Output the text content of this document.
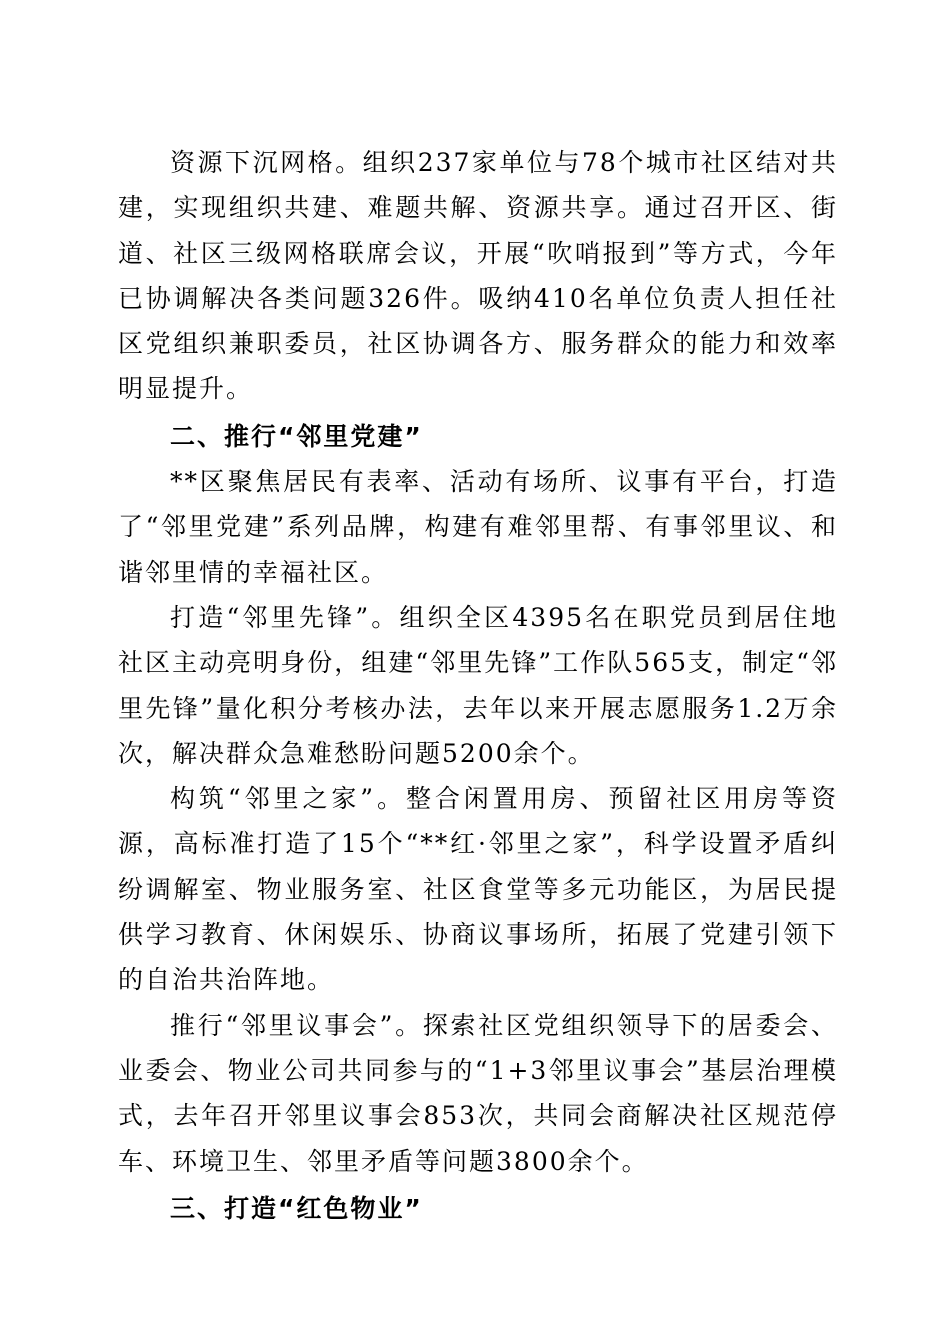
资源下沉网格。组织237家单位与78个城市社区结对共建，实现组织共建、难题共解、资源共享。通过召开区、街道、社区三级网格联席会议，开展“吹哨报到”等方式，今年已协调解决各类问题326件。吸纳410名单位负责人担任社区党组织兼职委员，社区协调各方、服务群众的能力和效率明显提升。

二、推行“邻里党建”

**区聚焦居民有表率、活动有场所、议事有平台，打造了“邻里党建”系列品牌，构建有难邻里帮、有事邻里议、和谐邻里情的幸福社区。

打造“邻里先锋”。组织全区4395名在职党员到居住地社区主动亮明身份，组建“邻里先锋”工作队565支，制定“邻里先锋”量化积分考核办法，去年以来开展志愿服务1.2万余次，解决群众急难愁盼问题5200余个。

构筑“邻里之家”。整合闲置用房、预留社区用房等资源，高标准打造了15个“**红·邻里之家”，科学设置矛盾纠纷调解室、物业服务室、社区食堂等多元功能区，为居民提供学习教育、休闲娱乐、协商议事场所，拓展了党建引领下的自治共治阵地。

推行“邻里议事会”。探索社区党组织领导下的居委会、业委会、物业公司共同参与的“1+3邻里议事会”基层治理模式，去年召开邻里议事会853次，共同会商解决社区规范停车、环境卫生、邻里矛盾等问题3800余个。

三、打造“红色物业”
